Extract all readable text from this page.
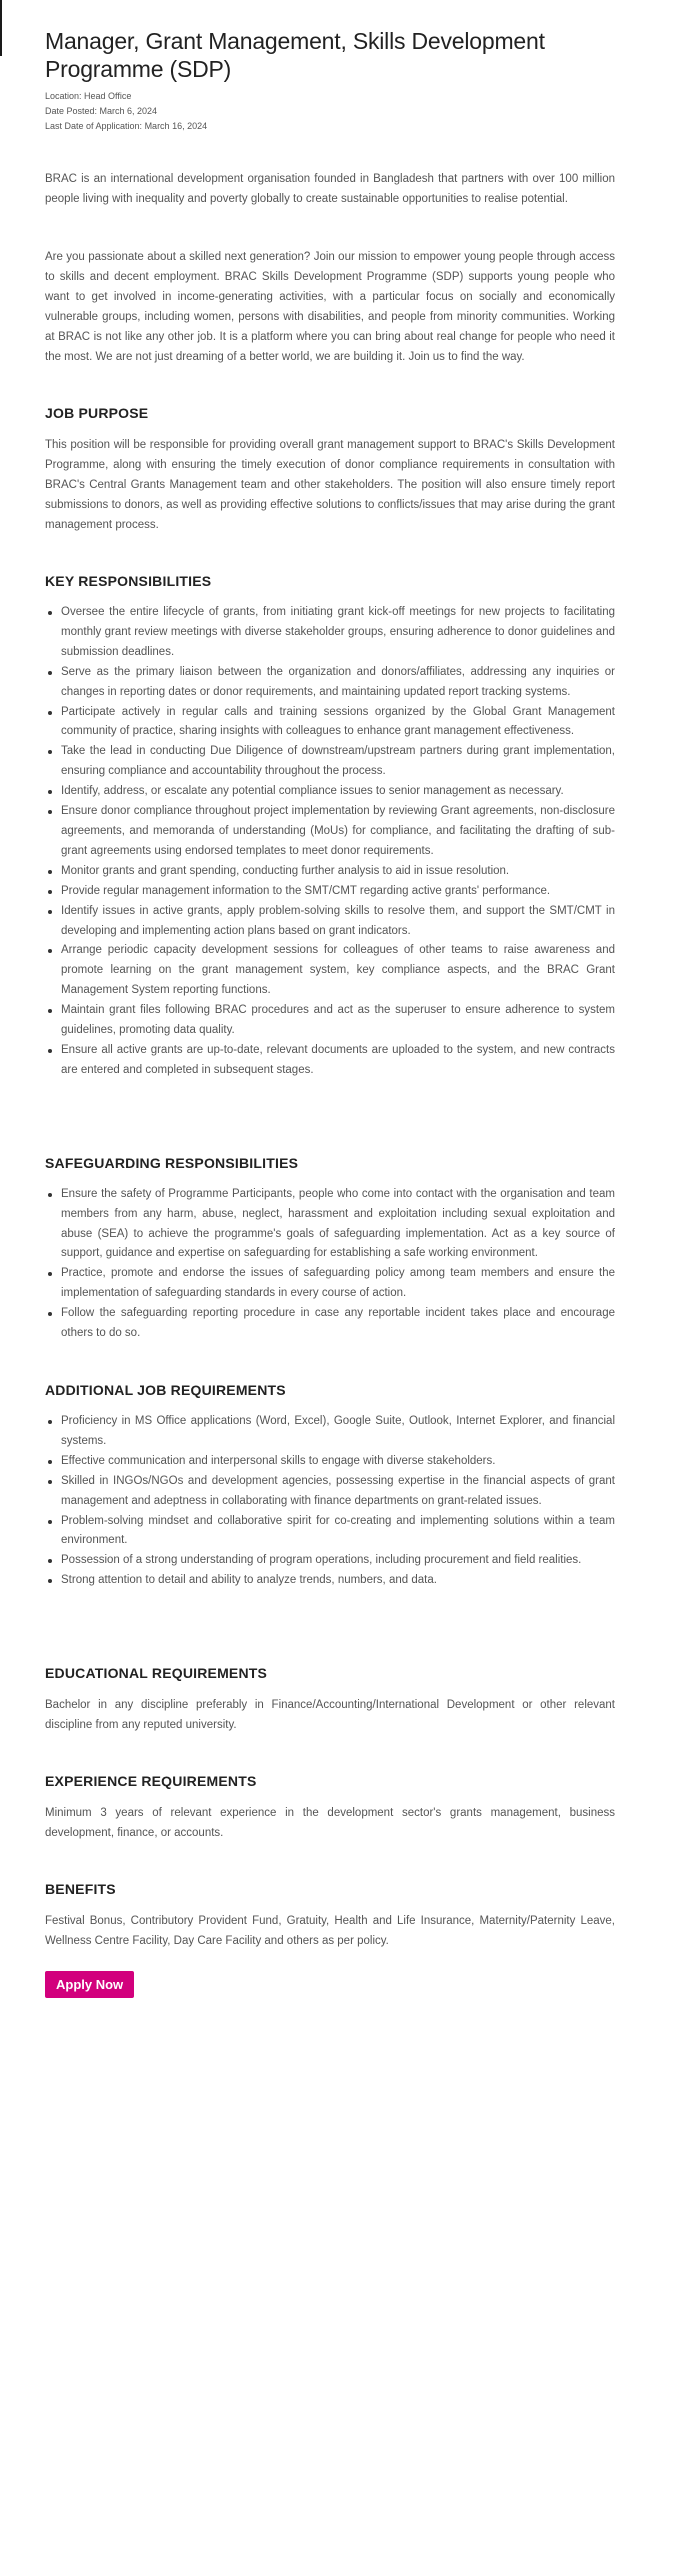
Manager, Grant Management, Skills Development Programme (SDP)
Location: Head Office
Date Posted: March 6, 2024
Last Date of Application: March 16, 2024

BRAC is an international development organisation founded in Bangladesh that partners with over 100 million people living with inequality and poverty globally to create sustainable opportunities to realise potential.

Are you passionate about a skilled next generation? Join our mission to empower young people through access to skills and decent employment. BRAC Skills Development Programme (SDP) supports young people who want to get involved in income-generating activities, with a particular focus on socially and economically vulnerable groups, including women, persons with disabilities, and people from minority communities. Working at BRAC is not like any other job. It is a platform where you can bring about real change for people who need it the most. We are not just dreaming of a better world, we are building it. Join us to find the way.

JOB PURPOSE

This position will be responsible for providing overall grant management support to BRAC's Skills Development Programme, along with ensuring the timely execution of donor compliance requirements in consultation with BRAC's Central Grants Management team and other stakeholders. The position will also ensure timely report submissions to donors, as well as providing effective solutions to conflicts/issues that may arise during the grant management process.

KEY RESPONSIBILITIES
Oversee the entire lifecycle of grants, from initiating grant kick-off meetings for new projects to facilitating monthly grant review meetings with diverse stakeholder groups, ensuring adherence to donor guidelines and submission deadlines.
Serve as the primary liaison between the organization and donors/affiliates, addressing any inquiries or changes in reporting dates or donor requirements, and maintaining updated report tracking systems.
Participate actively in regular calls and training sessions organized by the Global Grant Management community of practice, sharing insights with colleagues to enhance grant management effectiveness.
Take the lead in conducting Due Diligence of downstream/upstream partners during grant implementation, ensuring compliance and accountability throughout the process.
Identify, address, or escalate any potential compliance issues to senior management as necessary.
Ensure donor compliance throughout project implementation by reviewing Grant agreements, non-disclosure agreements, and memoranda of understanding (MoUs) for compliance, and facilitating the drafting of sub-grant agreements using endorsed templates to meet donor requirements.
Monitor grants and grant spending, conducting further analysis to aid in issue resolution.
Provide regular management information to the SMT/CMT regarding active grants' performance.
Identify issues in active grants, apply problem-solving skills to resolve them, and support the SMT/CMT in developing and implementing action plans based on grant indicators.
Arrange periodic capacity development sessions for colleagues of other teams to raise awareness and promote learning on the grant management system, key compliance aspects, and the BRAC Grant Management System reporting functions.
Maintain grant files following BRAC procedures and act as the superuser to ensure adherence to system guidelines, promoting data quality.
Ensure all active grants are up-to-date, relevant documents are uploaded to the system, and new contracts are entered and completed in subsequent stages.
SAFEGUARDING RESPONSIBILITIES
Ensure the safety of Programme Participants, people who come into contact with the organisation and team members from any harm, abuse, neglect, harassment and exploitation including sexual exploitation and abuse (SEA) to achieve the programme's goals of safeguarding implementation. Act as a key source of support, guidance and expertise on safeguarding for establishing a safe working environment.
Practice, promote and endorse the issues of safeguarding policy among team members and ensure the implementation of safeguarding standards in every course of action.
Follow the safeguarding reporting procedure in case any reportable incident takes place and encourage others to do so.
ADDITIONAL JOB REQUIREMENTS
Proficiency in MS Office applications (Word, Excel), Google Suite, Outlook, Internet Explorer, and financial systems.
Effective communication and interpersonal skills to engage with diverse stakeholders.
Skilled in INGOs/NGOs and development agencies, possessing expertise in the financial aspects of grant management and adeptness in collaborating with finance departments on grant-related issues.
Problem-solving mindset and collaborative spirit for co-creating and implementing solutions within a team environment.
Possession of a strong understanding of program operations, including procurement and field realities.
Strong attention to detail and ability to analyze trends, numbers, and data.
EDUCATIONAL REQUIREMENTS

Bachelor in any discipline preferably in Finance/Accounting/International Development or other relevant discipline from any reputed university.

EXPERIENCE REQUIREMENTS

Minimum 3 years of relevant experience in the development sector's grants management, business development, finance, or accounts.

BENEFITS

Festival Bonus, Contributory Provident Fund, Gratuity, Health and Life Insurance, Maternity/Paternity Leave, Wellness Centre Facility, Day Care Facility and others as per policy.

Apply Now
